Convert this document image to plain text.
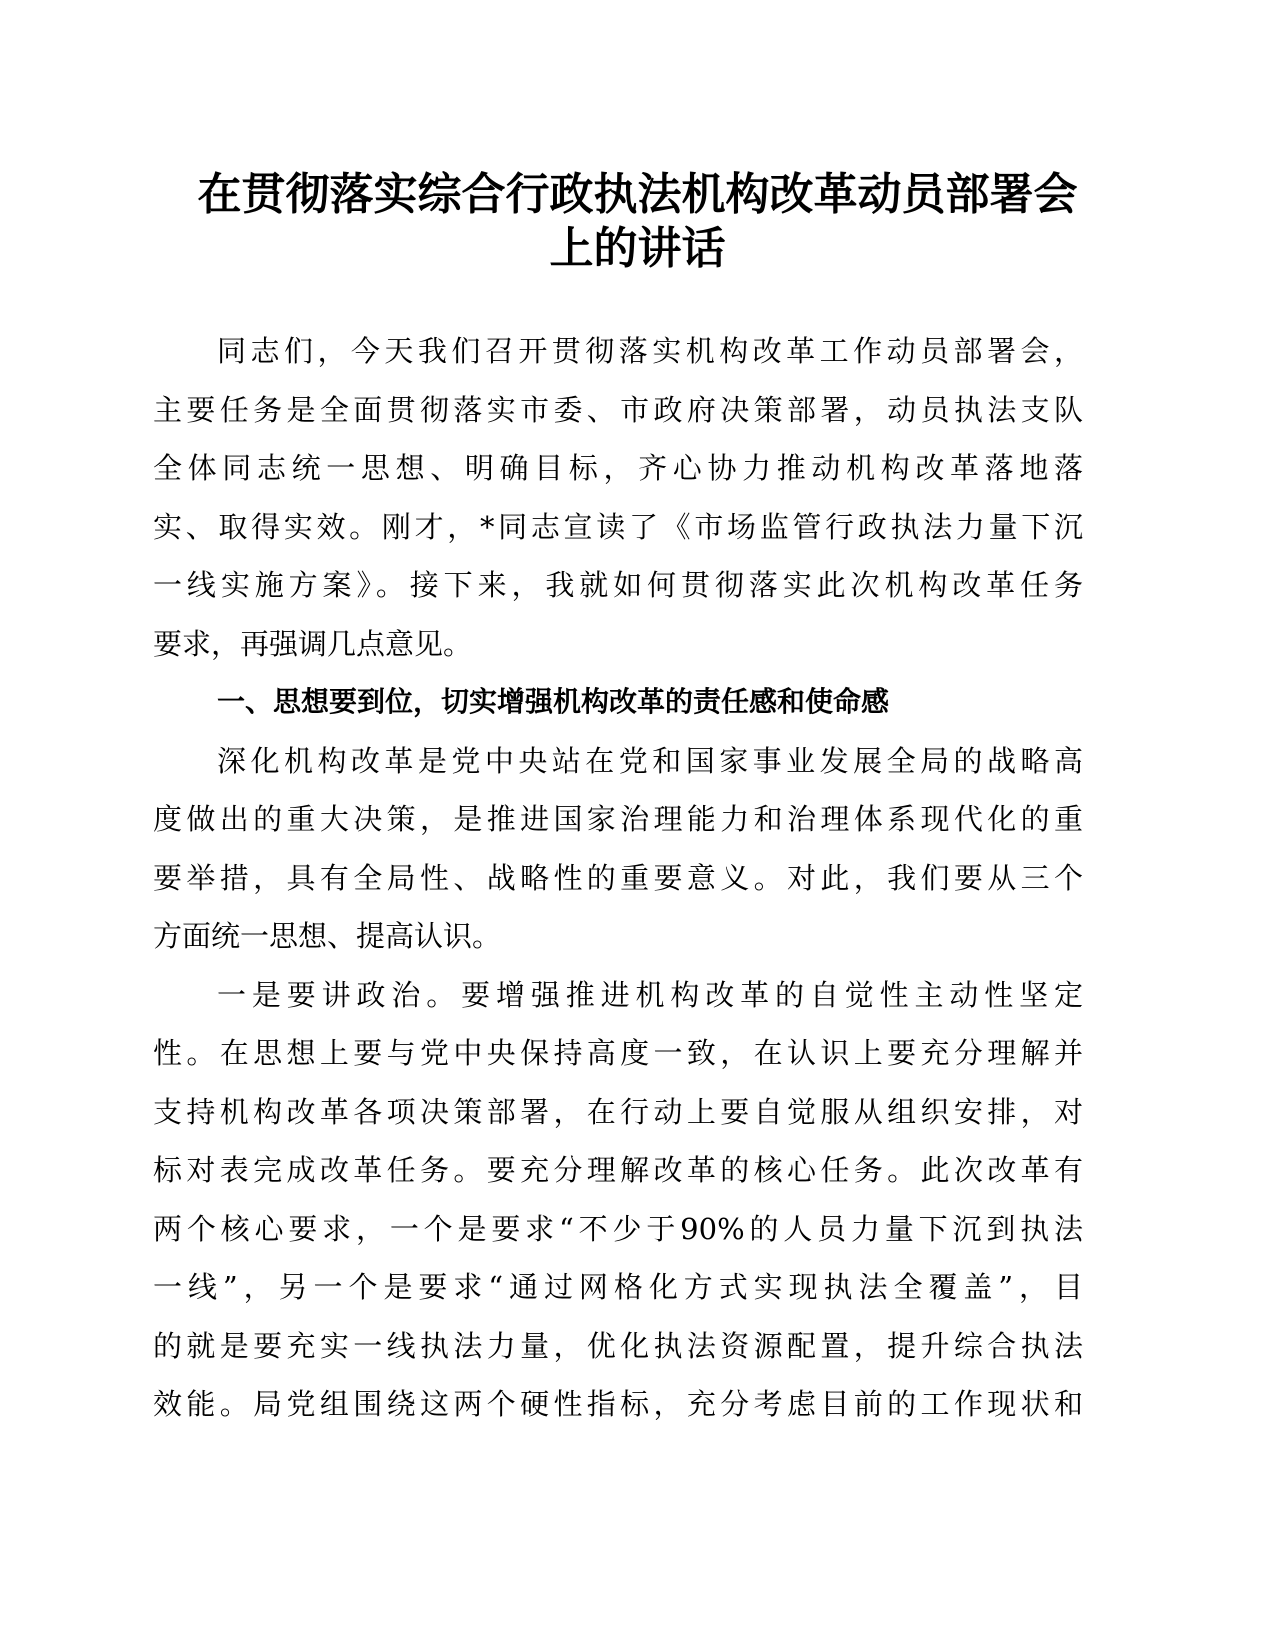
在贯彻落实综合行政执法机构改革动员部署会
上的讲话
同志们，今天我们召开贯彻落实机构改革工作动员部署会，
主要任务是全面贯彻落实市委、市政府决策部署，动员执法支队
全体同志统一思想、明确目标，齐心协力推动机构改革落地落
实、取得实效。刚才，*同志宣读了《市场监管行政执法力量下沉
一线实施方案》。接下来，我就如何贯彻落实此次机构改革任务
要求，再强调几点意见。
一、思想要到位，切实增强机构改革的责任感和使命感
深化机构改革是党中央站在党和国家事业发展全局的战略高
度做出的重大决策，是推进国家治理能力和治理体系现代化的重
要举措，具有全局性、战略性的重要意义。对此，我们要从三个
方面统一思想、提高认识。
一是要讲政治。要增强推进机构改革的自觉性主动性坚定
性。在思想上要与党中央保持高度一致，在认识上要充分理解并
支持机构改革各项决策部署，在行动上要自觉服从组织安排，对
标对表完成改革任务。要充分理解改革的核心任务。此次改革有
两个核心要求，一个是要求“不少于90%的人员力量下沉到执法
一线”，另一个是要求“通过网格化方式实现执法全覆盖”，目
的就是要充实一线执法力量，优化执法资源配置，提升综合执法
效能。局党组围绕这两个硬性指标，充分考虑目前的工作现状和
